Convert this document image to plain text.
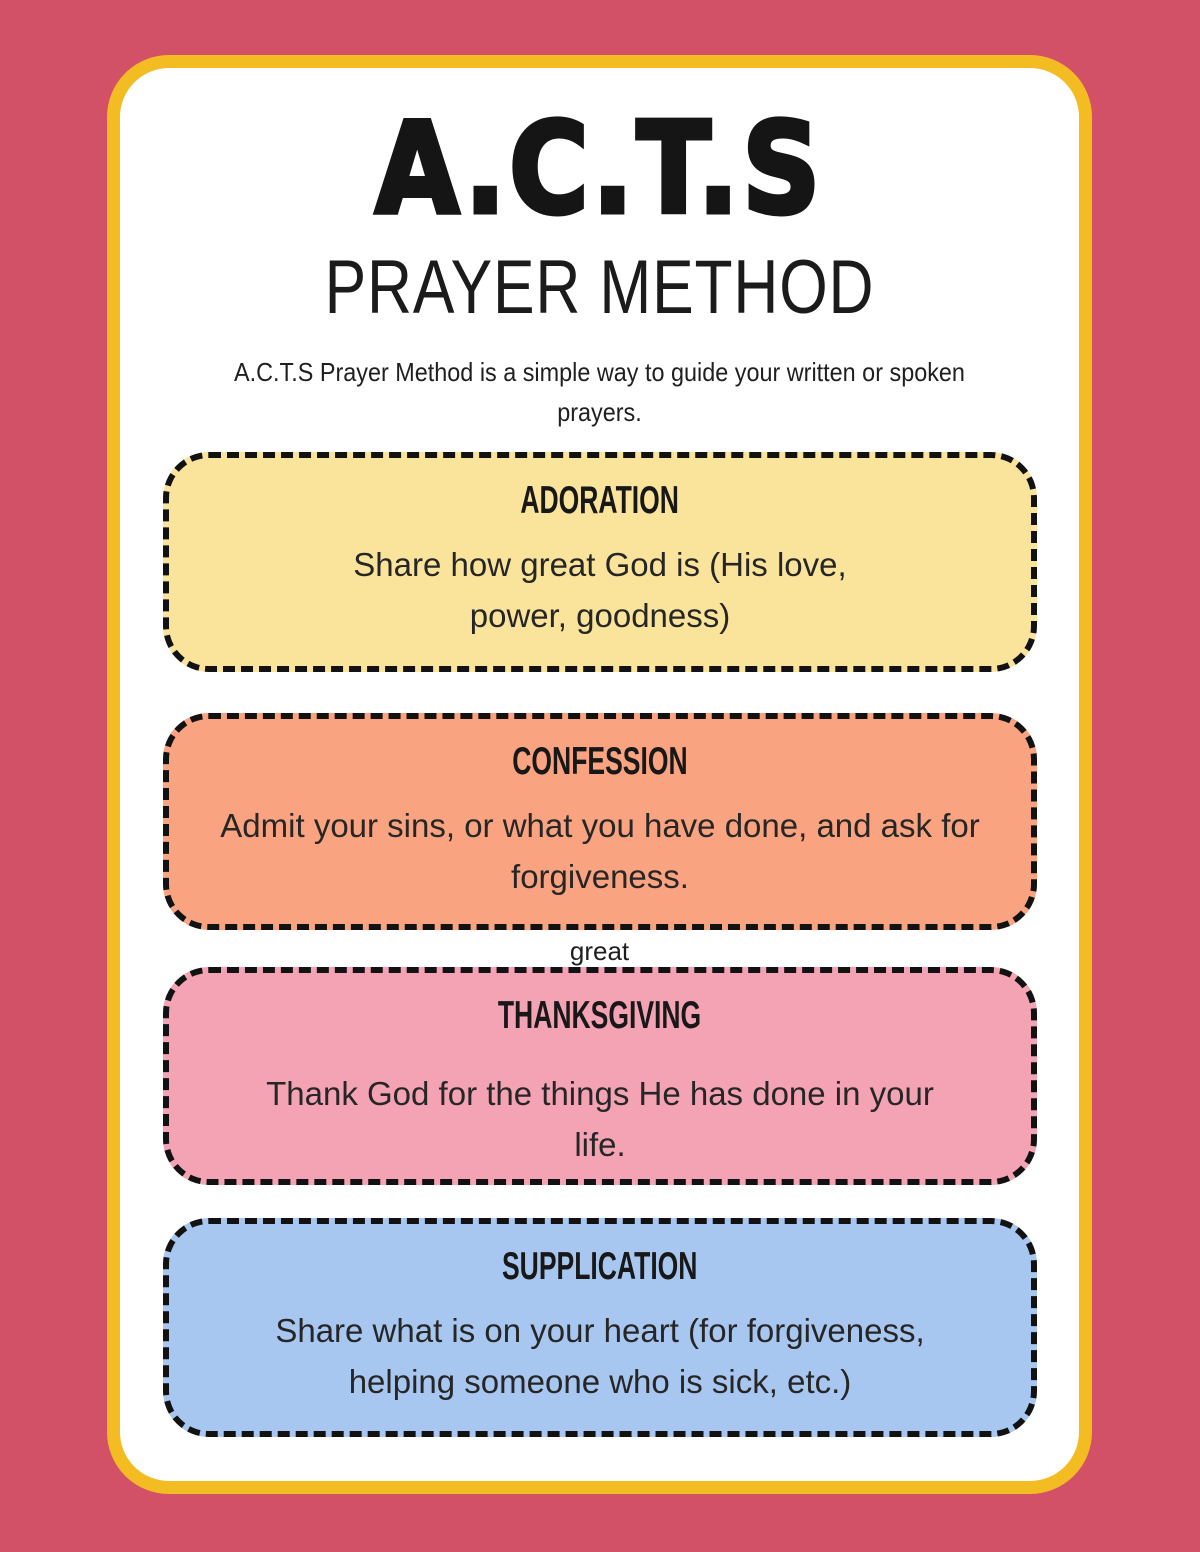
A.C.T.S
PRAYER METHOD
A.C.T.S Prayer Method is a simple way to guide your written or spoken
prayers.
ADORATION
Share how great God is (His love,
power, goodness)
CONFESSION
Admit your sins, or what you have done, and ask for
forgiveness.
great
THANKSGIVING
Thank God for the things He has done in your
life.
SUPPLICATION
Share what is on your heart (for forgiveness,
helping someone who is sick, etc.)
